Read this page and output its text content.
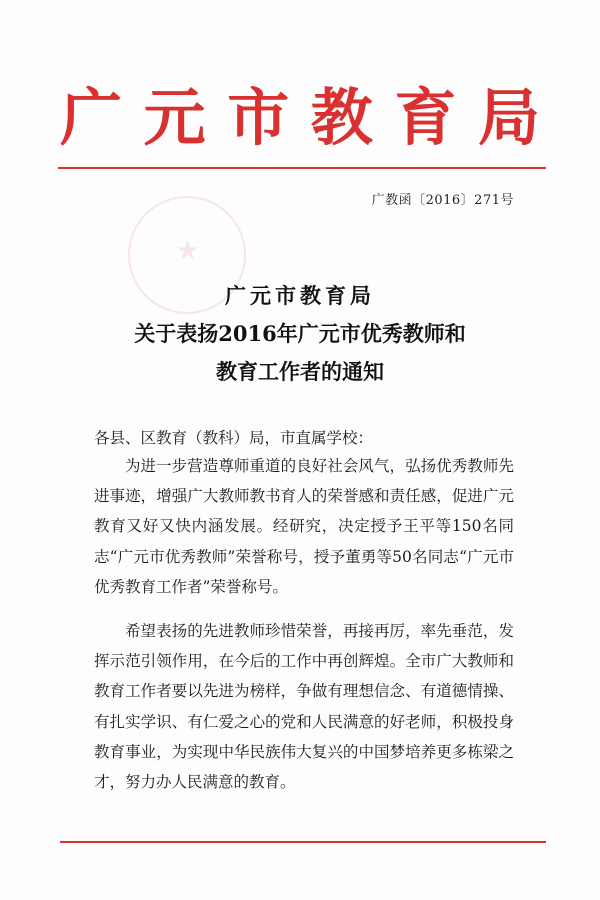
广 元 市 教 育 局
广教函〔2016〕271号
★
广元市教育局
关于表扬2016年广元市优秀教师和
教育工作者的通知
各县、区教育（教科）局，市直属学校：
为进一步营造尊师重道的良好社会风气，弘扬优秀教师先进事迹，增强广大教师教书育人的荣誉感和责任感，促进广元教育又好又快内涵发展。经研究，决定授予王平等150名同志“广元市优秀教师”荣誉称号，授予董勇等50名同志“广元市优秀教育工作者”荣誉称号。
希望表扬的先进教师珍惜荣誉，再接再厉，率先垂范，发挥示范引领作用，在今后的工作中再创辉煌。全市广大教师和教育工作者要以先进为榜样，争做有理想信念、有道德情操、有扎实学识、有仁爱之心的党和人民满意的好老师，积极投身教育事业，为实现中华民族伟大复兴的中国梦培养更多栋梁之才，努力办人民满意的教育。
